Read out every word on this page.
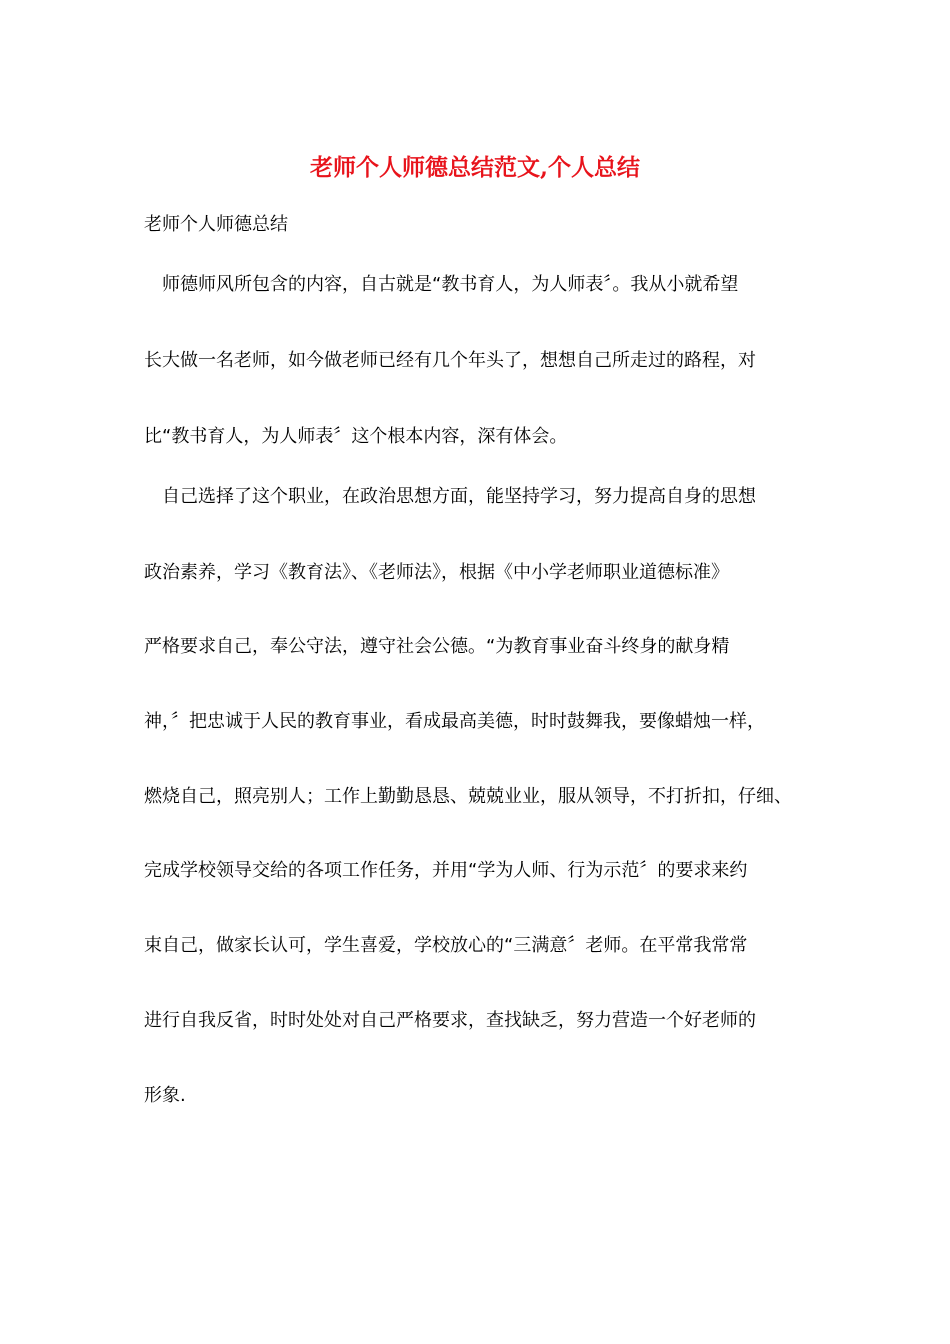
老师个人师德总结范文,个人总结

老师个人师德总结

　师德师风所包含的内容，自古就是“教书育人，为人师表〞。我从小就希望

长大做一名老师，如今做老师已经有几个年头了，想想自己所走过的路程，对

比“教书育人，为人师表〞这个根本内容，深有体会。

　自己选择了这个职业，在政治思想方面，能坚持学习，努力提高自身的思想

政治素养，学习《教育法》、《老师法》，根据《中小学老师职业道德标准》

严格要求自己，奉公守法，遵守社会公德。“为教育事业奋斗终身的献身精

神，〞把忠诚于人民的教育事业，看成最高美德，时时鼓舞我，要像蜡烛一样，

燃烧自己，照亮别人；工作上勤勤恳恳、兢兢业业，服从领导，不打折扣，仔细、

完成学校领导交给的各项工作任务，并用“学为人师、行为示范〞的要求来约

束自己，做家长认可，学生喜爱，学校放心的“三满意〞老师。在平常我常常

进行自我反省，时时处处对自己严格要求，查找缺乏，努力营造一个好老师的

形象.
